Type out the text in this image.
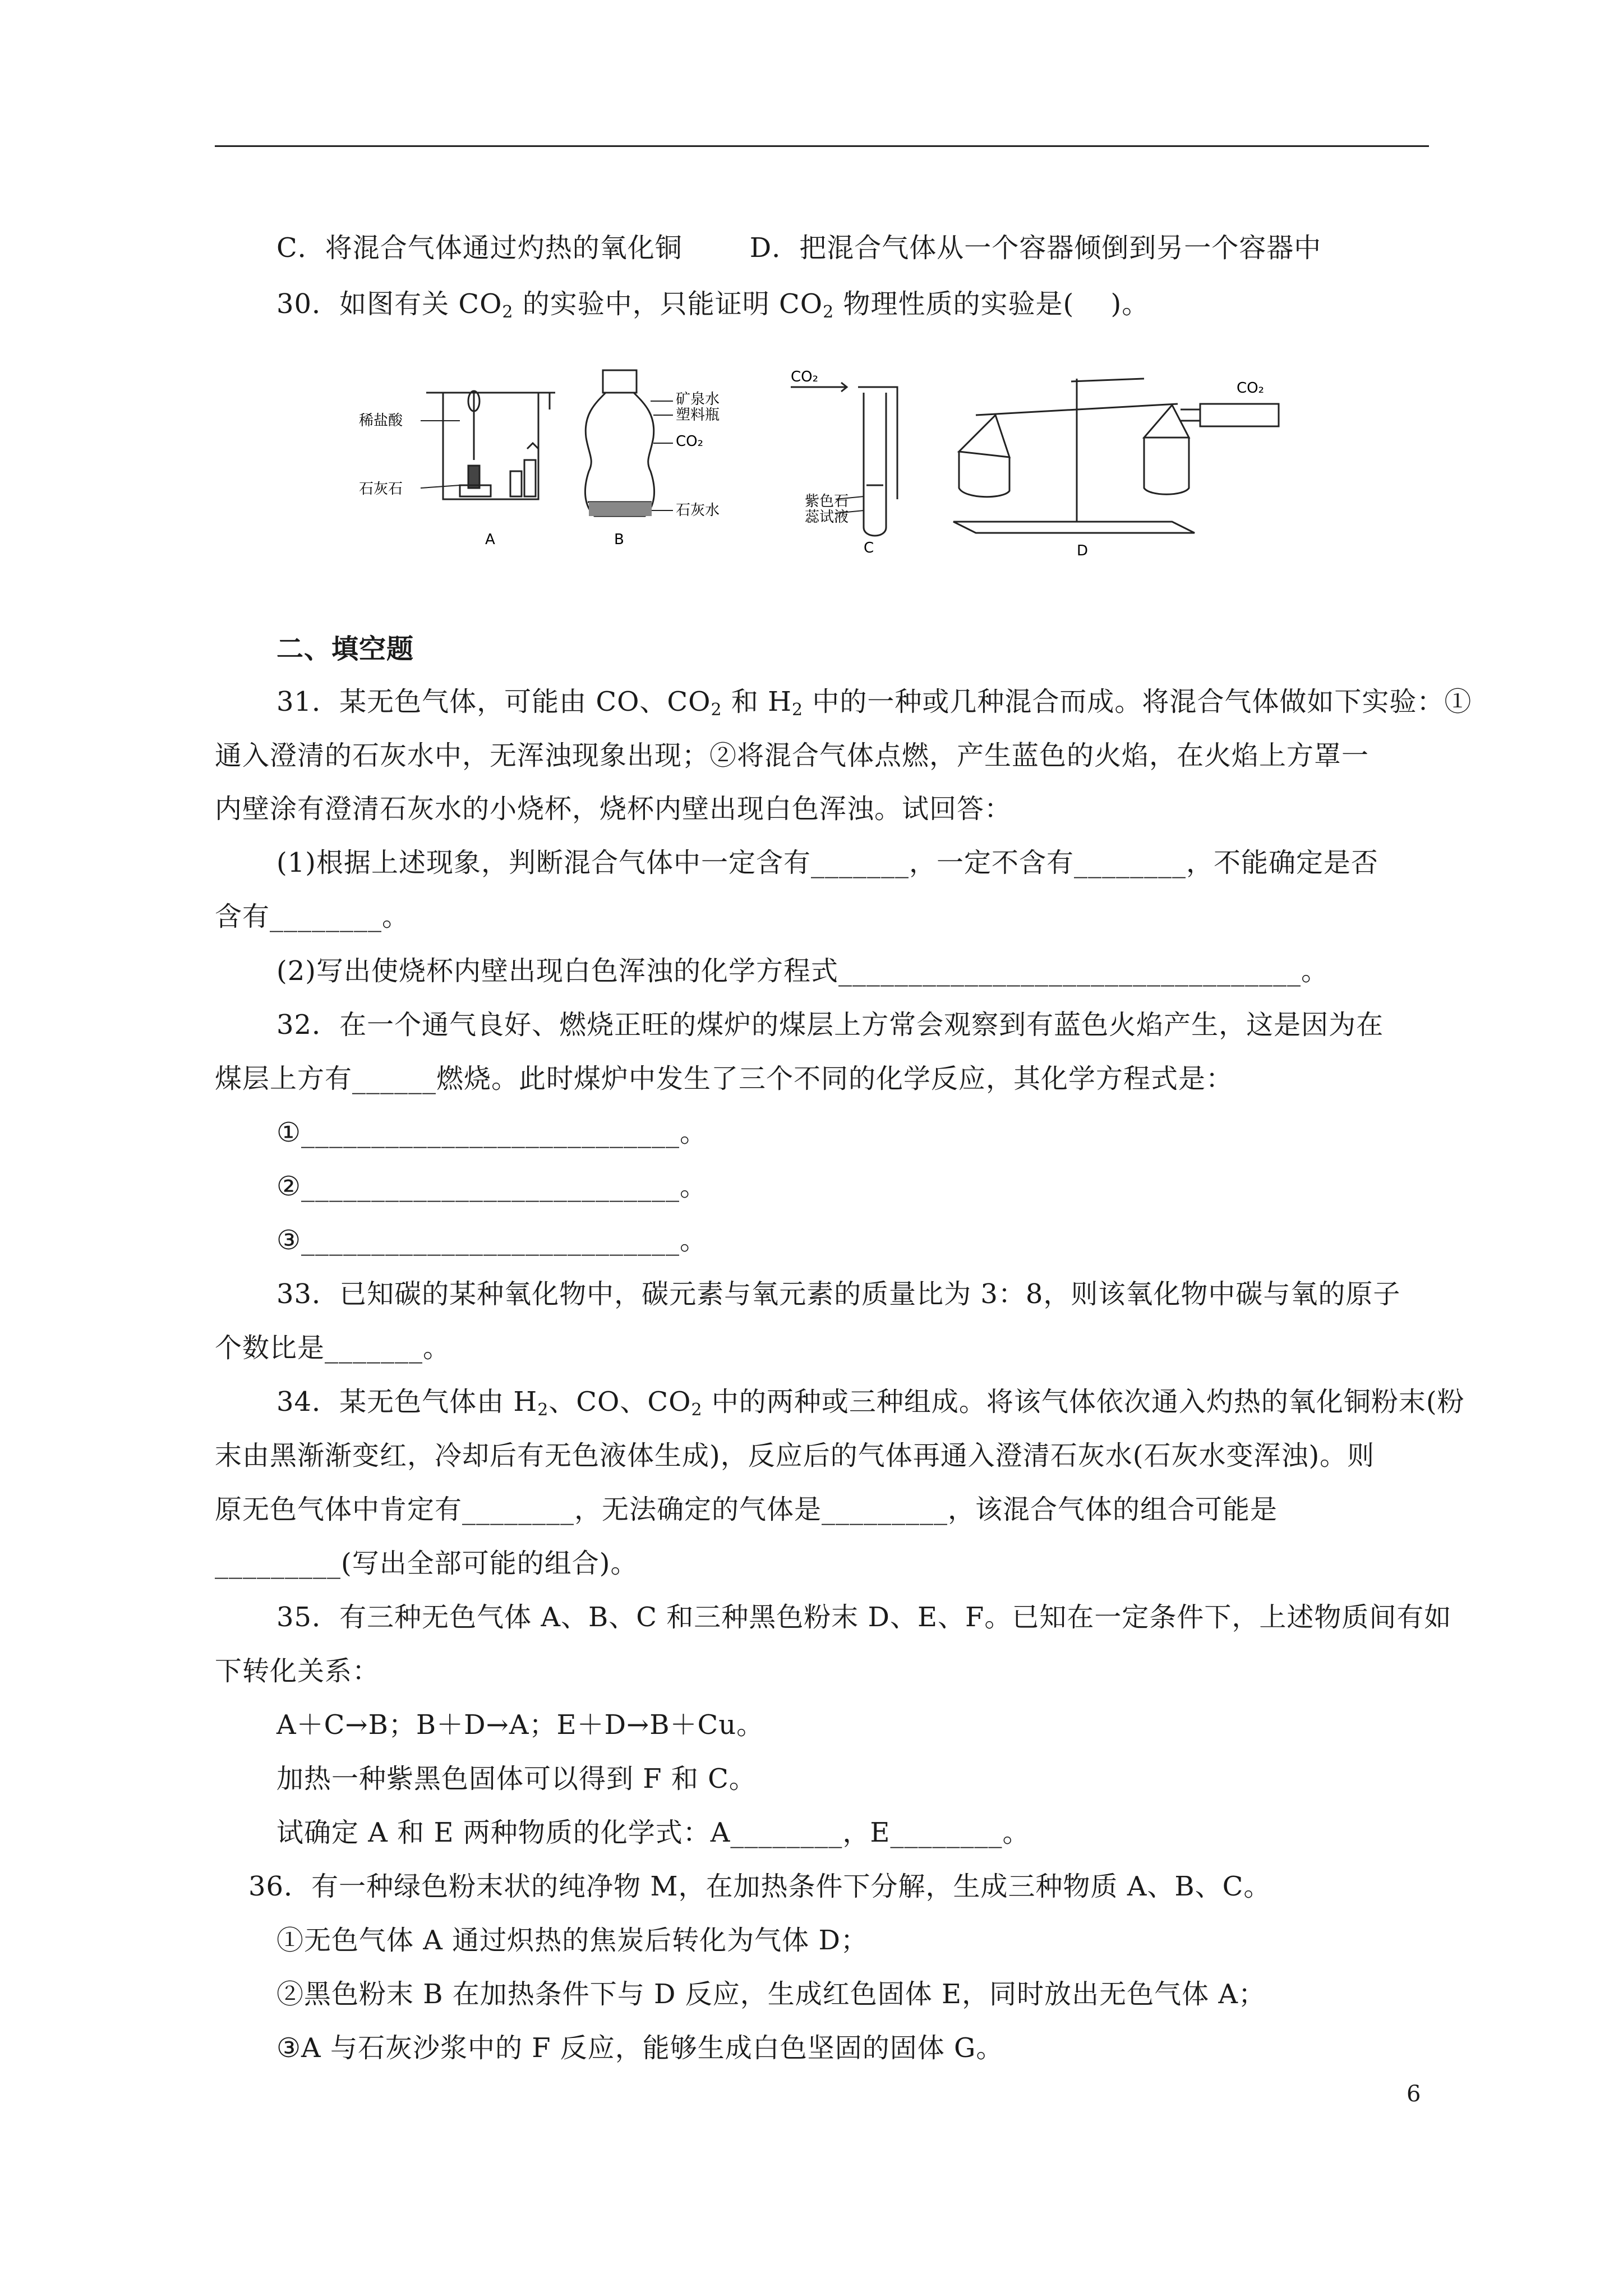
C．将混合气体通过灼热的氧化铜	D．把混合气体从一个容器倾倒到另一个容器中
30．如图有关 $CO_2$ 的实验中，只能证明 $CO_2$ 物理性质的实验是(　 )。
稀盐酸
石灰石
A
矿泉水
塑料瓶
CO₂
石灰水
B
CO₂
紫色石
蕊试液
C
CO₂
D
二、填空题
31．某无色气体，可能由 CO、$CO_2$ 和 $H_2$ 中的一种或几种混合而成。将混合气体做如下实验：①
通入澄清的石灰水中，无浑浊现象出现；②将混合气体点燃，产生蓝色的火焰，在火焰上方罩一
内壁涂有澄清石灰水的小烧杯，烧杯内壁出现白色浑浊。试回答：
(1)根据上述现象，判断混合气体中一定含有_______，一定不含有________，不能确定是否
含有________。
(2)写出使烧杯内壁出现白色浑浊的化学方程式_________________________________。
32．在一个通气良好、燃烧正旺的煤炉的煤层上方常会观察到有蓝色火焰产生，这是因为在
煤层上方有______燃烧。此时煤炉中发生了三个不同的化学反应，其化学方程式是：
①___________________________。
②___________________________。
③___________________________。
33．已知碳的某种氧化物中，碳元素与氧元素的质量比为 3：8，则该氧化物中碳与氧的原子
个数比是_______。
34．某无色气体由 $H_2$、CO、$CO_2$ 中的两种或三种组成。将该气体依次通入灼热的氧化铜粉末(粉
末由黑渐渐变红，冷却后有无色液体生成)，反应后的气体再通入澄清石灰水(石灰水变浑浊)。则
原无色气体中肯定有________，无法确定的气体是_________，该混合气体的组合可能是
_________(写出全部可能的组合)。
35．有三种无色气体 A、B、C 和三种黑色粉末 D、E、F。已知在一定条件下，上述物质间有如
下转化关系：
A＋C→B；B＋D→A；E＋D→B＋Cu。
加热一种紫黑色固体可以得到 F 和 C。
试确定 A 和 E 两种物质的化学式：A________，E________。
36．有一种绿色粉末状的纯净物 M，在加热条件下分解，生成三种物质 A、B、C。
①无色气体 A 通过炽热的焦炭后转化为气体 D；
②黑色粉末 B 在加热条件下与 D 反应，生成红色固体 E，同时放出无色气体 A；
③A 与石灰沙浆中的 F 反应，能够生成白色坚固的固体 G。
6
